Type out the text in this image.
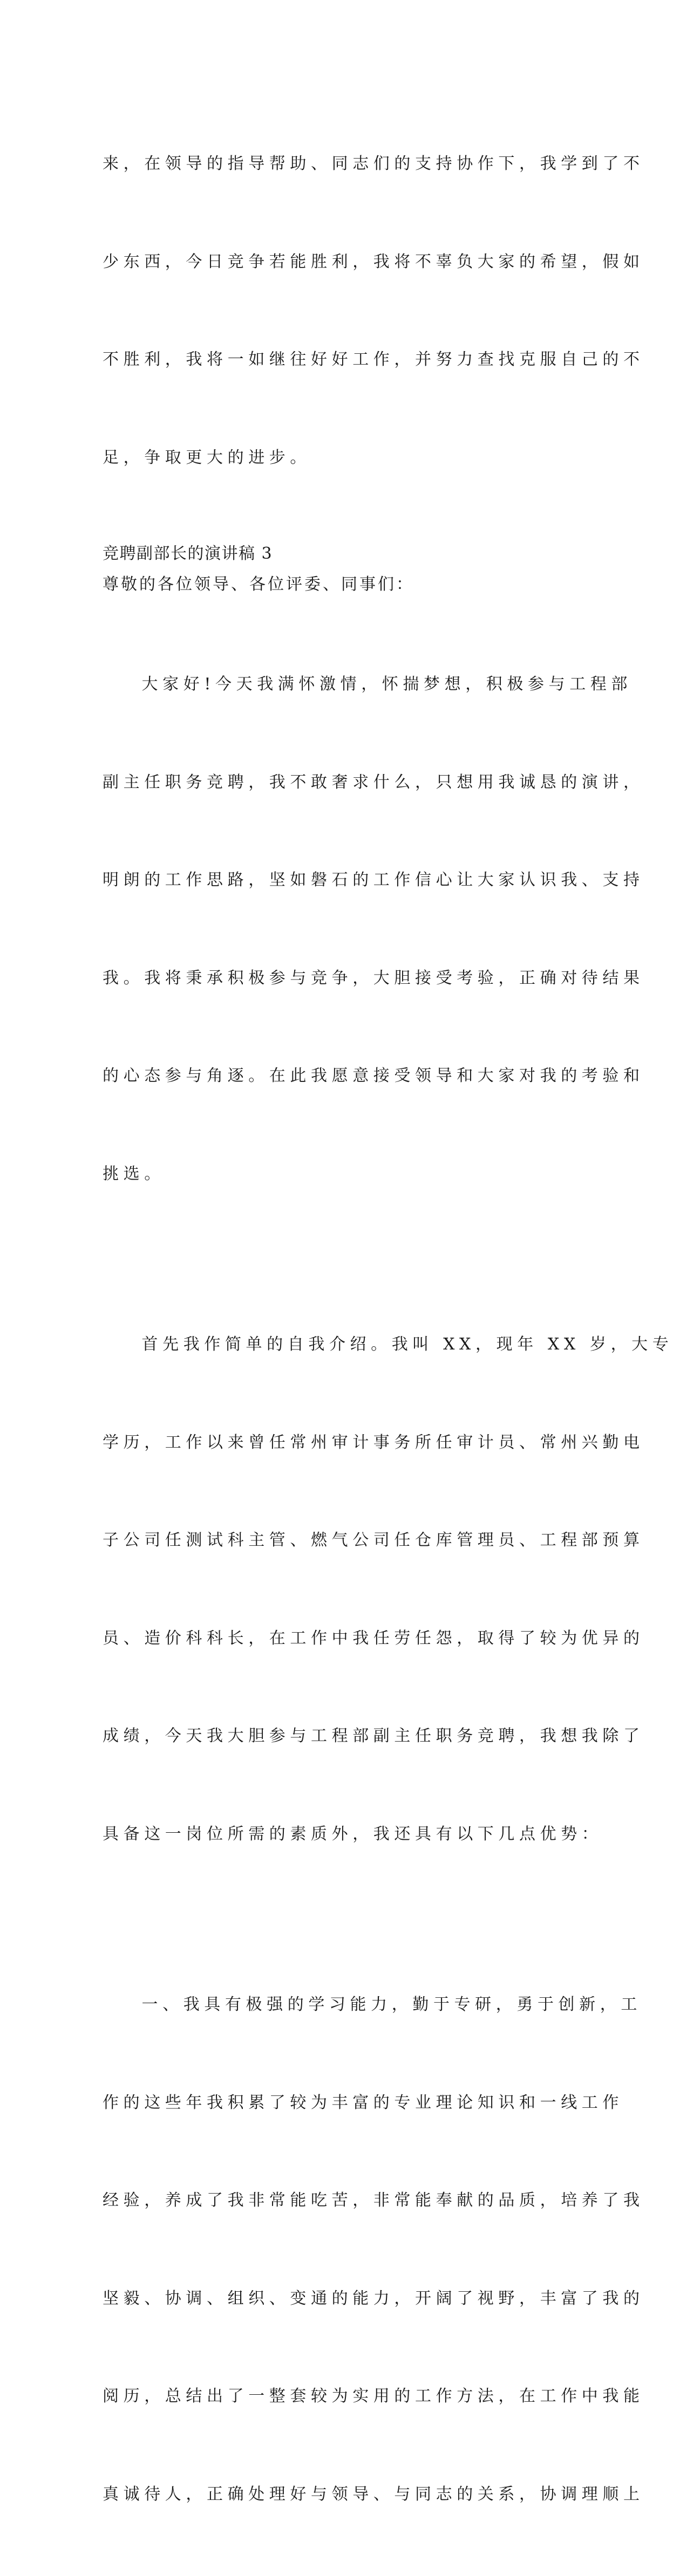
来，在领导的指导帮助、同志们的支持协作下，我学到了不

少东西，今日竞争若能胜利，我将不辜负大家的希望，假如

不胜利，我将一如继往好好工作，并努力查找克服自己的不

足，争取更大的进步。

竞聘副部长的演讲稿 3
尊敬的各位领导、各位评委、同事们：

大家好!今天我满怀激情，怀揣梦想，积极参与工程部

副主任职务竞聘，我不敢奢求什么，只想用我诚恳的演讲，

明朗的工作思路，坚如磐石的工作信心让大家认识我、支持

我。我将秉承积极参与竞争，大胆接受考验，正确对待结果

的心态参与角逐。在此我愿意接受领导和大家对我的考验和

挑选。

首先我作简单的自我介绍。我叫 XX，现年 XX 岁，大专

学历，工作以来曾任常州审计事务所任审计员、常州兴勤电

子公司任测试科主管、燃气公司任仓库管理员、工程部预算

员、造价科科长，在工作中我任劳任怨，取得了较为优异的

成绩，今天我大胆参与工程部副主任职务竞聘，我想我除了

具备这一岗位所需的素质外，我还具有以下几点优势：

一、我具有极强的学习能力，勤于专研，勇于创新，工

作的这些年我积累了较为丰富的专业理论知识和一线工作

经验，养成了我非常能吃苦，非常能奉献的品质，培养了我

坚毅、协调、组织、变通的能力，开阔了视野，丰富了我的

阅历，总结出了一整套较为实用的工作方法，在工作中我能

真诚待人，正确处理好与领导、与同志的关系，协调理顺上
